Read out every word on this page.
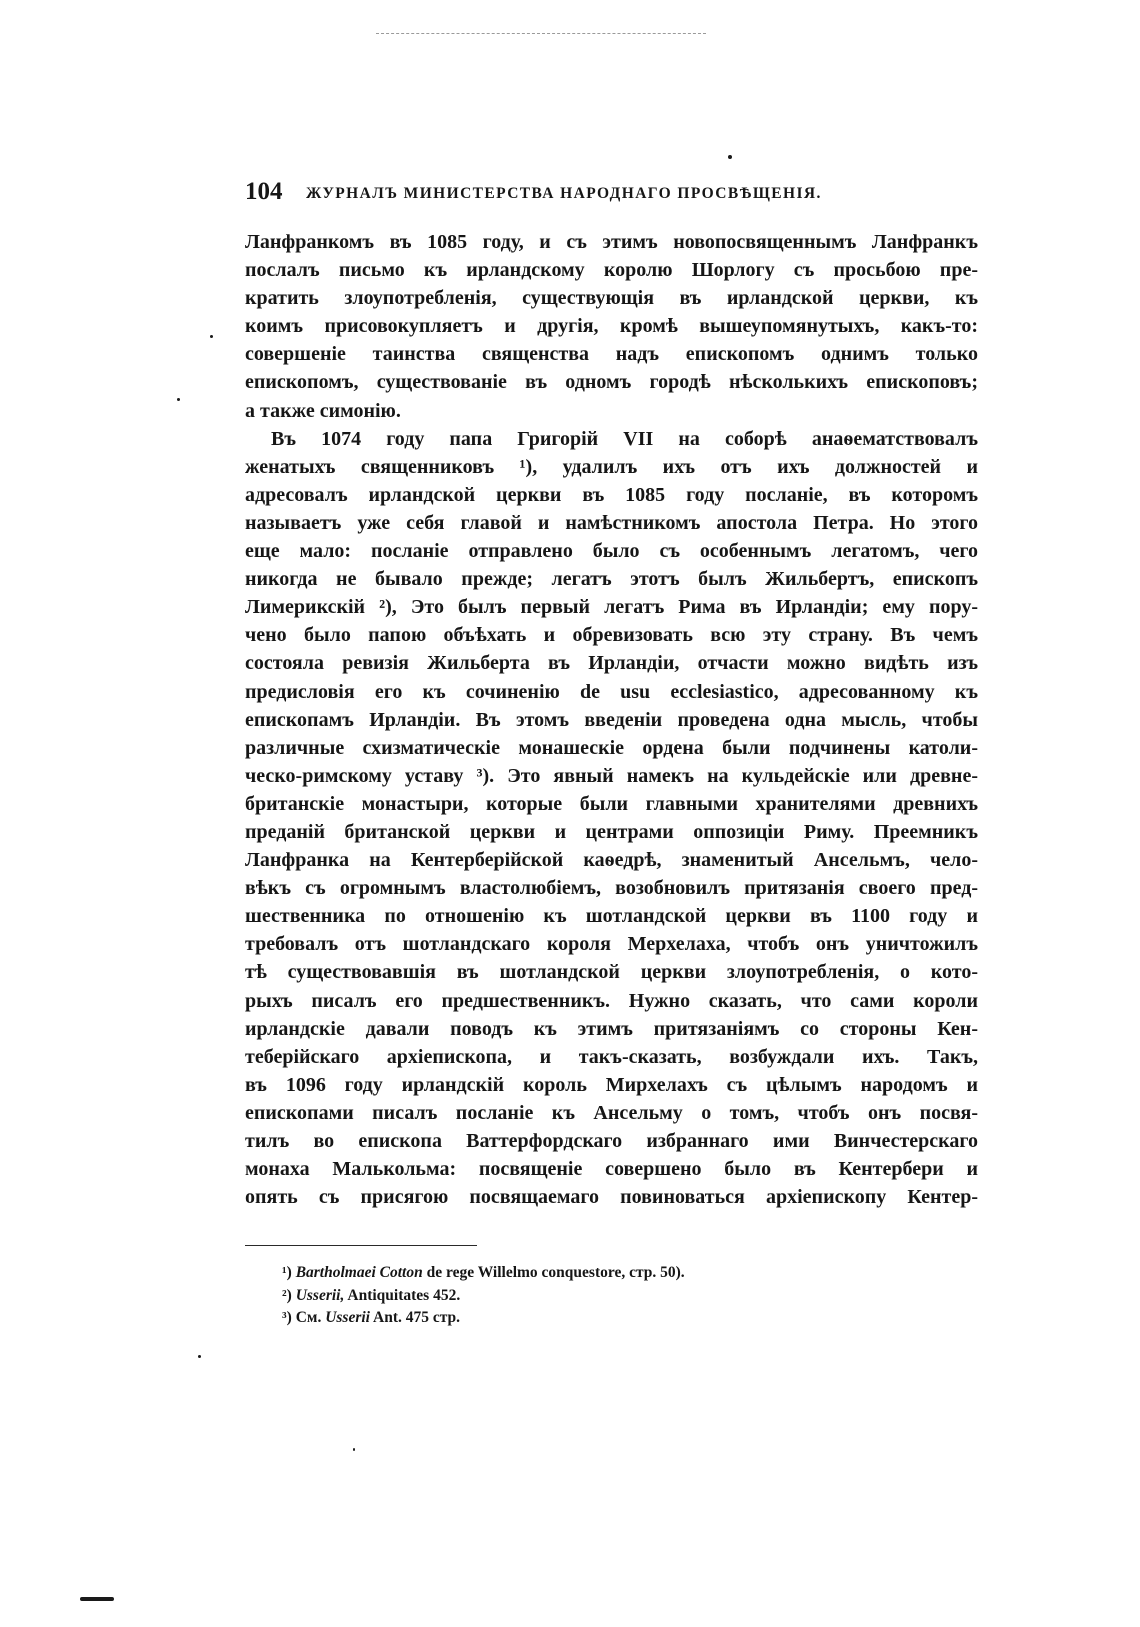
104 ЖУРНАЛЪ МИНИСТЕРСТВА НАРОДНАГО ПРОСВѢЩЕНІЯ.
Ланфранкомъ въ 1085 году, и съ этимъ новопосвященнымъ Ланфранкъ
послалъ письмо къ ирландскому королю Шорлогу съ просьбою пре-
кратить злоупотребленія, существующія въ ирландской церкви, къ
коимъ присовокупляетъ и другія, кромѣ вышеупомянутыхъ, какъ-то:
совершеніе таинства священства надъ епископомъ однимъ только
епископомъ, существованіе въ одномъ городѣ нѣсколькихъ епископовъ;
а также симонію.
Въ 1074 году папа Григорій VII на соборѣ анаѳематствовалъ
женатыхъ священниковъ ¹), удалилъ ихъ отъ ихъ должностей и
адресовалъ ирландской церкви въ 1085 году посланіе, въ которомъ
называетъ уже себя главой и намѣстникомъ апостола Петра. Но этого
еще мало: посланіе отправлено было съ особеннымъ легатомъ, чего
никогда не бывало прежде; легатъ этотъ былъ Жильбертъ, епископъ
Лимерикскій ²), Это былъ первый легатъ Рима въ Ирландіи; ему пору-
чено было папою объѣхать и обревизовать всю эту страну. Въ чемъ
состояла ревизія Жильберта въ Ирландіи, отчасти можно видѣть изъ
предисловія его къ сочиненію de usu ecclesiastico, адресованному къ
епископамъ Ирландіи. Въ этомъ введеніи проведена одна мысль, чтобы
различные схизматическіе монашескіе ордена были подчинены католи-
ческо-римскому уставу ³). Это явный намекъ на кульдейскіе или древне-
британскіе монастыри, которые были главными хранителями древнихъ
преданій британской церкви и центрами оппозиціи Риму. Преемникъ
Ланфранка на Кентерберійской каѳедрѣ, знаменитый Ансельмъ, чело-
вѣкъ съ огромнымъ властолюбіемъ, возобновилъ притязанія своего пред-
шественника по отношенію къ шотландской церкви въ 1100 году и
требовалъ отъ шотландскаго короля Мерхелаха, чтобъ онъ уничтожилъ
тѣ существовавшія въ шотландской церкви злоупотребленія, о кото-
рыхъ писалъ его предшественникъ. Нужно сказать, что сами короли
ирландскіе давали поводъ къ этимъ притязаніямъ со стороны Кен-
теберійскаго архіепископа, и такъ-сказать, возбуждали ихъ. Такъ,
въ 1096 году ирландскій король Мирхелахъ съ цѣлымъ народомъ и
епископами писалъ посланіе къ Ансельму о томъ, чтобъ онъ посвя-
тилъ во епископа Ваттерфордскаго избраннаго ими Винчестерскаго
монаха Малькольма: посвященіе совершено было въ Кентербери и
опять съ присягою посвящаемаго повиноваться архіепископу Кентер-
¹) Bartholmaei Cotton de rege Willelmo conquestore, стр. 50).
²) Usserii, Antiquitates 452.
³) См. Usserii Ant. 475 стр.
